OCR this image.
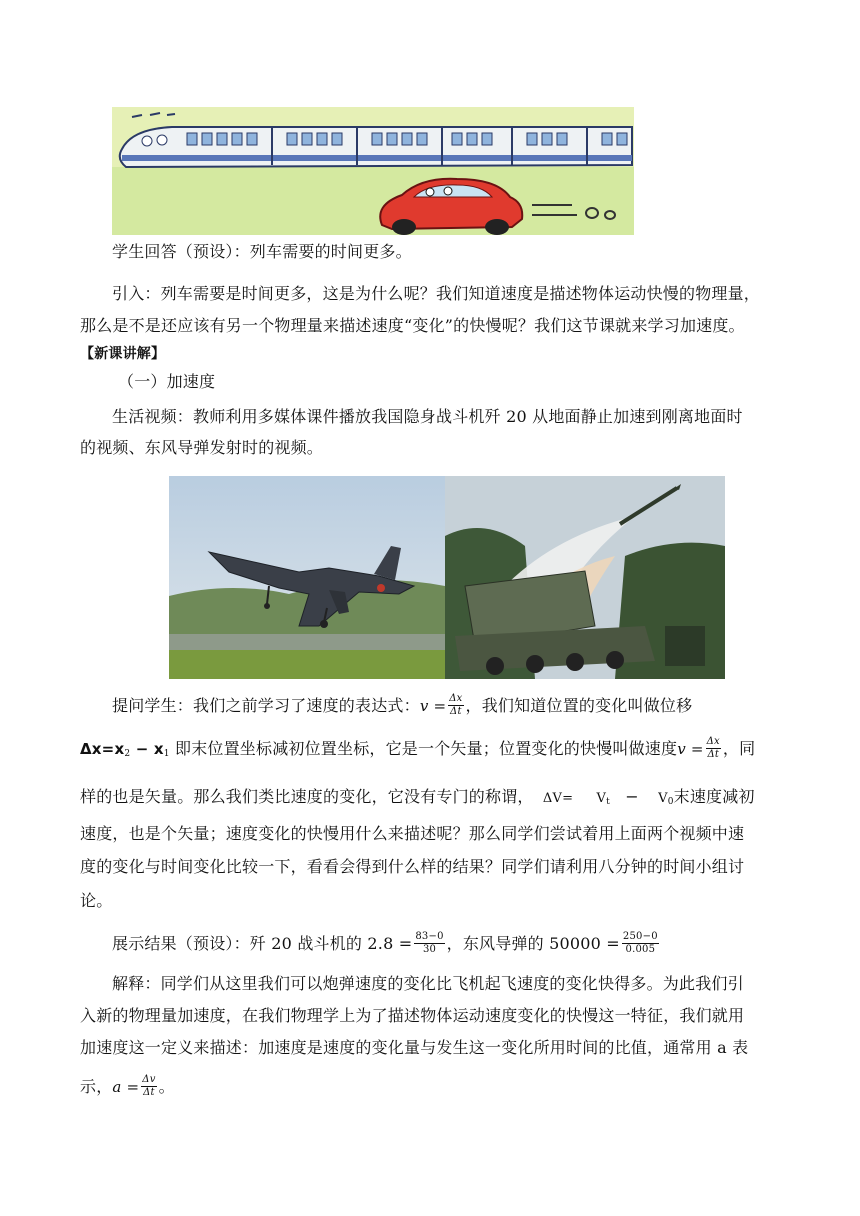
学生回答（预设）：列车需要的时间更多。
引入：列车需要是时间更多，这是为什么呢？我们知道速度是描述物体运动快慢的物理量，
那么是不是还应该有另一个物理量来描述速度“变化”的快慢呢？我们这节课就来学习加速度。
【新课讲解】
（一）加速度
生活视频：教师利用多媒体课件播放我国隐身战斗机歼 20 从地面静止加速到刚离地面时
的视频、东风导弹发射时的视频。
提问学生：我们之前学习了速度的表达式：$v = \frac{\Delta x}{\Delta t}$ ，我们知道位置的变化叫做位移
$\Delta x=x_2 - x_1$ 即末位置坐标减初位置坐标，它是一个矢量；位置变化的快慢叫做速度$v = \frac{\Delta x}{\Delta t}$ ，同
样的也是矢量。那么我们类比速度的变化，它没有专门的称谓， $\Delta V= V_t - V_0$末速度减初
速度，也是个矢量；速度变化的快慢用什么来描述呢？那么同学们尝试着用上面两个视频中速
度的变化与时间变化比较一下，看看会得到什么样的结果？同学们请利用八分钟的时间小组讨
论。
展示结果（预设）：歼 20 战斗机的 $2.8 = \frac{83-0}{30}$ ，东风导弹的 $50000 = \frac{250-0}{0.005}$
解释：同学们从这里我们可以炮弹速度的变化比飞机起飞速度的变化快得多。为此我们引
入新的物理量加速度，在我们物理学上为了描述物体运动速度变化的快慢这一特征，我们就用
加速度这一定义来描述：加速度是速度的变化量与发生这一变化所用时间的比值，通常用 a 表
示，$a = \frac{\Delta v}{\Delta t}$ 。
